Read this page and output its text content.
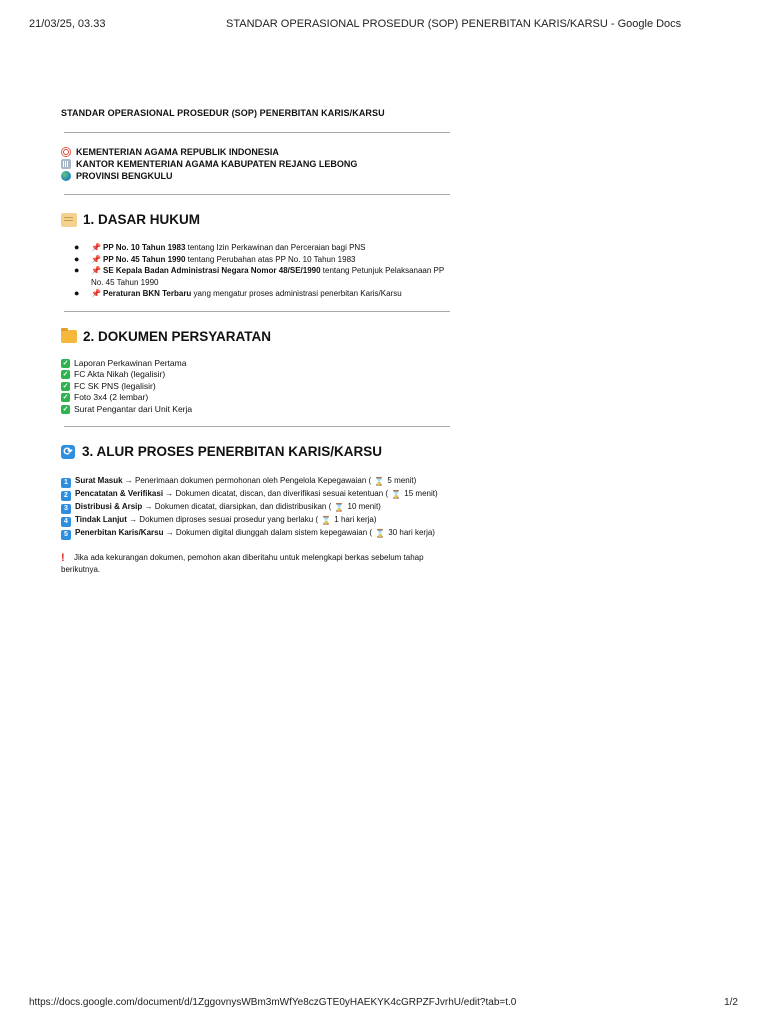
21/03/25, 03.33	STANDAR OPERASIONAL PROSEDUR (SOP) PENERBITAN KARIS/KARSU - Google Docs
STANDAR OPERASIONAL PROSEDUR (SOP) PENERBITAN KARIS/KARSU
KEMENTERIAN AGAMA REPUBLIK INDONESIA
KANTOR KEMENTERIAN AGAMA KABUPATEN REJANG LEBONG
PROVINSI BENGKULU
1. DASAR HUKUM
● 📌 PP No. 10 Tahun 1983 tentang Izin Perkawinan dan Perceraian bagi PNS
● 📌 PP No. 45 Tahun 1990 tentang Perubahan atas PP No. 10 Tahun 1983
● 📌 SE Kepala Badan Administrasi Negara Nomor 48/SE/1990 tentang Petunjuk Pelaksanaan PP No. 45 Tahun 1990
● 📌 Peraturan BKN Terbaru yang mengatur proses administrasi penerbitan Karis/Karsu
2. DOKUMEN PERSYARATAN
✓ Laporan Perkawinan Pertama
✓ FC Akta Nikah (legalisir)
✓ FC SK PNS (legalisir)
✓ Foto 3x4 (2 lembar)
✓ Surat Pengantar dari Unit Kerja
⟳ 3. ALUR PROSES PENERBITAN KARIS/KARSU
1 Surat Masuk → Penerimaan dokumen permohonan oleh Pengelola Kepegawaian ( ⌛ 5 menit)
2 Pencatatan & Verifikasi → Dokumen dicatat, discan, dan diverifikasi sesuai ketentuan ( ⌛ 15 menit)
3 Distribusi & Arsip → Dokumen dicatat, diarsipkan, dan didistribusikan ( ⌛ 10 menit)
4 Tindak Lanjut → Dokumen diproses sesuai prosedur yang berlaku ( ⌛ 1 hari kerja)
5 Penerbitan Karis/Karsu → Dokumen digital diunggah dalam sistem kepegawaian ( ⌛ 30 hari kerja)
! Jika ada kekurangan dokumen, pemohon akan diberitahu untuk melengkapi berkas sebelum tahap berikutnya.
https://docs.google.com/document/d/1ZggovnysWBm3mWfYe8czGTE0yHAEKYK4cGRPZFJvrhU/edit?tab=t.0	1/2
